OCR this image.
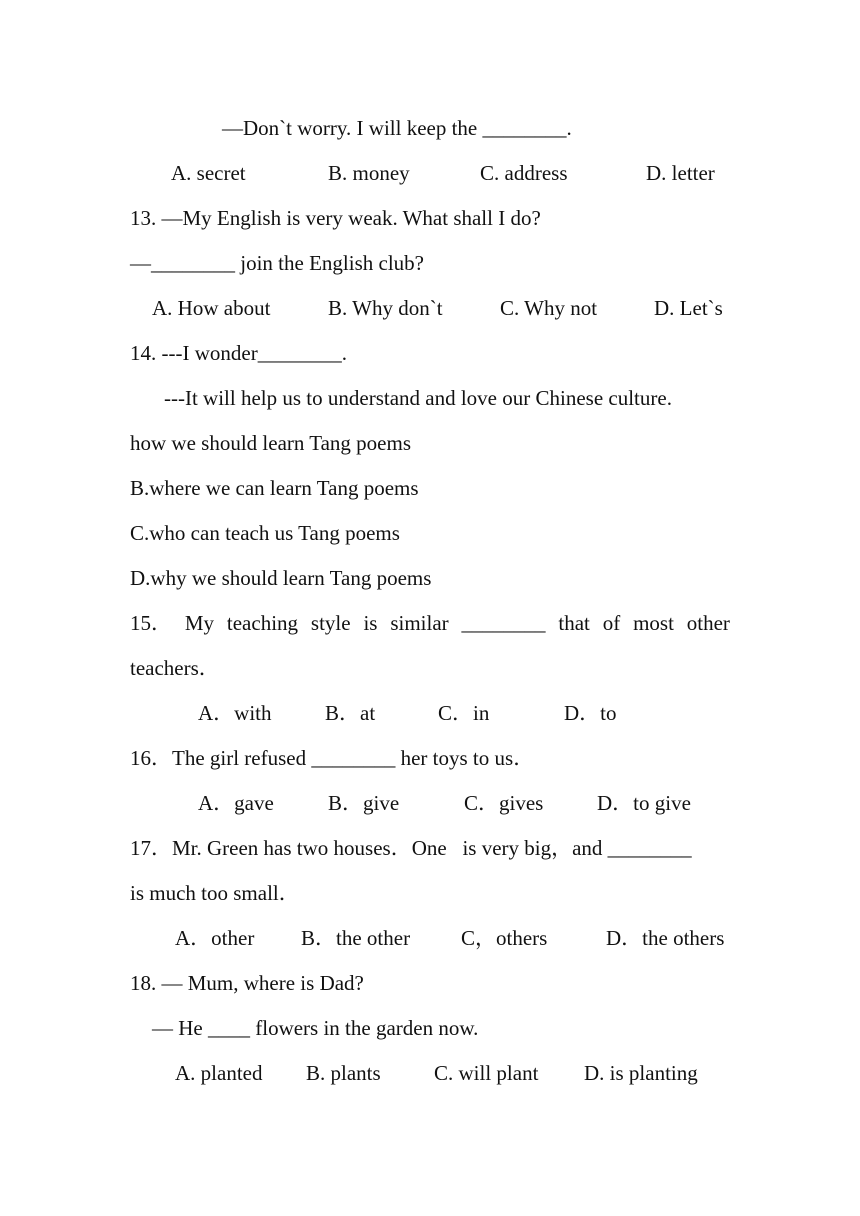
—Don`t worry. I will keep the ________.
A. secret	B. money	C. address	D. letter
13. —My English is very weak. What shall I do?
—________ join the English club?
A. How about	B. Why don`t	C. Why not	D. Let`s
14. ---I wonder________.
---It will help us to understand and love our Chinese culture.
how we should learn Tang poems
B.where we can learn Tang poems
C.who can teach us Tang poems
D.why we should learn Tang poems
15． My teaching style is similar ________ that of most other
teachers．
A．with	B．at	C．in	D．to
16．The girl refused ________ her toys to us．
A．gave	B．give	C．gives	D．to give
17．Mr. Green has two houses．One   is very big，and ________
is much too small．
A．other B．the other C，others	D．the others
18. — Mum, where is Dad?
— He ____ flowers in the garden now.
A. planted B. plants	C. will plant D. is planting
